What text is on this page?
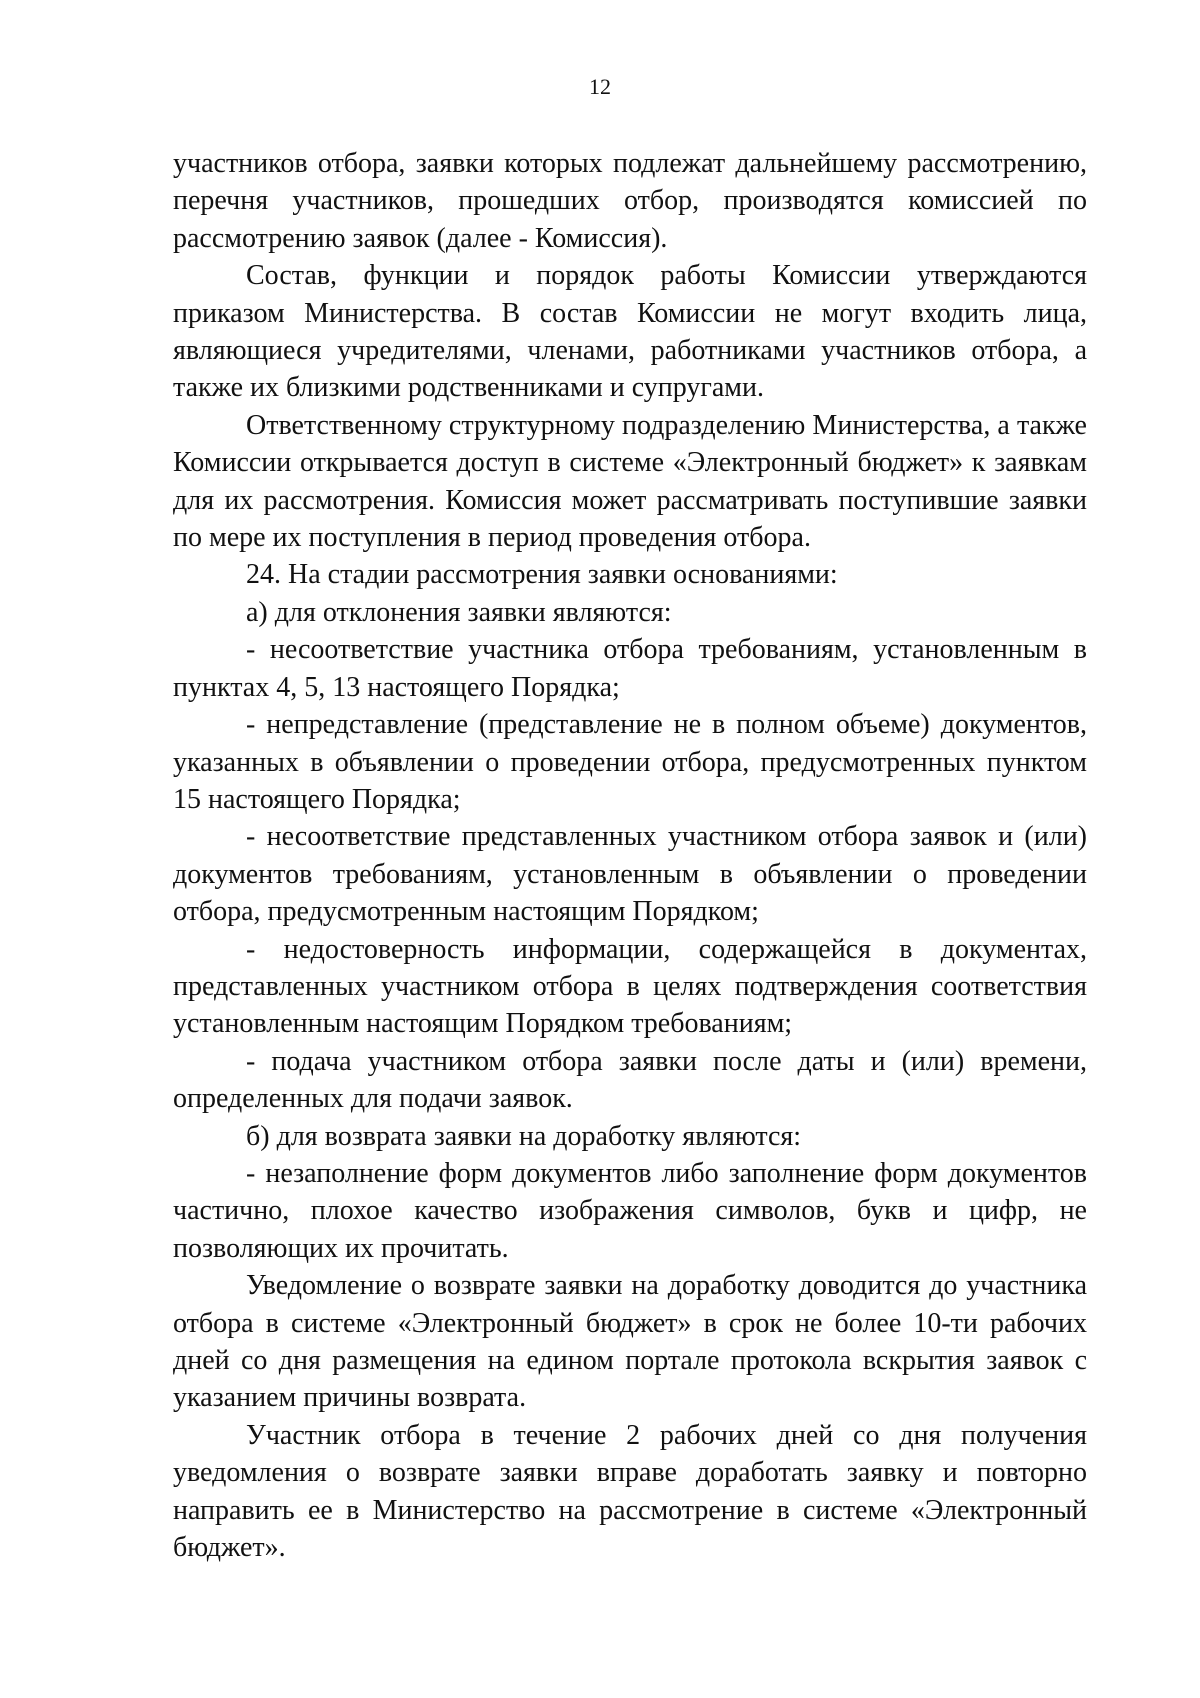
12

участников отбора, заявки которых подлежат дальнейшему рассмотрению, перечня участников, прошедших отбор, производятся комиссией по рассмотрению заявок (далее - Комиссия).

Состав, функции и порядок работы Комиссии утверждаются приказом Министерства. В состав Комиссии не могут входить лица, являющиеся учредителями, членами, работниками участников отбора, а также их близкими родственниками и супругами.

Ответственному структурному подразделению Министерства, а также Комиссии открывается доступ в системе «Электронный бюджет» к заявкам для их рассмотрения. Комиссия может рассматривать поступившие заявки по мере их поступления в период проведения отбора.

24. На стадии рассмотрения заявки основаниями:

а) для отклонения заявки являются:

- несоответствие участника отбора требованиям, установленным в пунктах 4, 5, 13 настоящего Порядка;

- непредставление (представление не в полном объеме) документов, указанных в объявлении о проведении отбора, предусмотренных пунктом 15 настоящего Порядка;

- несоответствие представленных участником отбора заявок и (или) документов требованиям, установленным в объявлении о проведении отбора, предусмотренным настоящим Порядком;

- недостоверность информации, содержащейся в документах, представленных участником отбора в целях подтверждения соответствия установленным настоящим Порядком требованиям;

- подача участником отбора заявки после даты и (или) времени, определенных для подачи заявок.

б) для возврата заявки на доработку являются:

- незаполнение форм документов либо заполнение форм документов частично, плохое качество изображения символов, букв и цифр, не позволяющих их прочитать.

Уведомление о возврате заявки на доработку доводится до участника отбора в системе «Электронный бюджет» в срок не более 10-ти рабочих дней со дня размещения на едином портале протокола вскрытия заявок с указанием причины возврата.

Участник отбора в течение 2 рабочих дней со дня получения уведомления о возврате заявки вправе доработать заявку и повторно направить ее в Министерство на рассмотрение в системе «Электронный бюджет».
